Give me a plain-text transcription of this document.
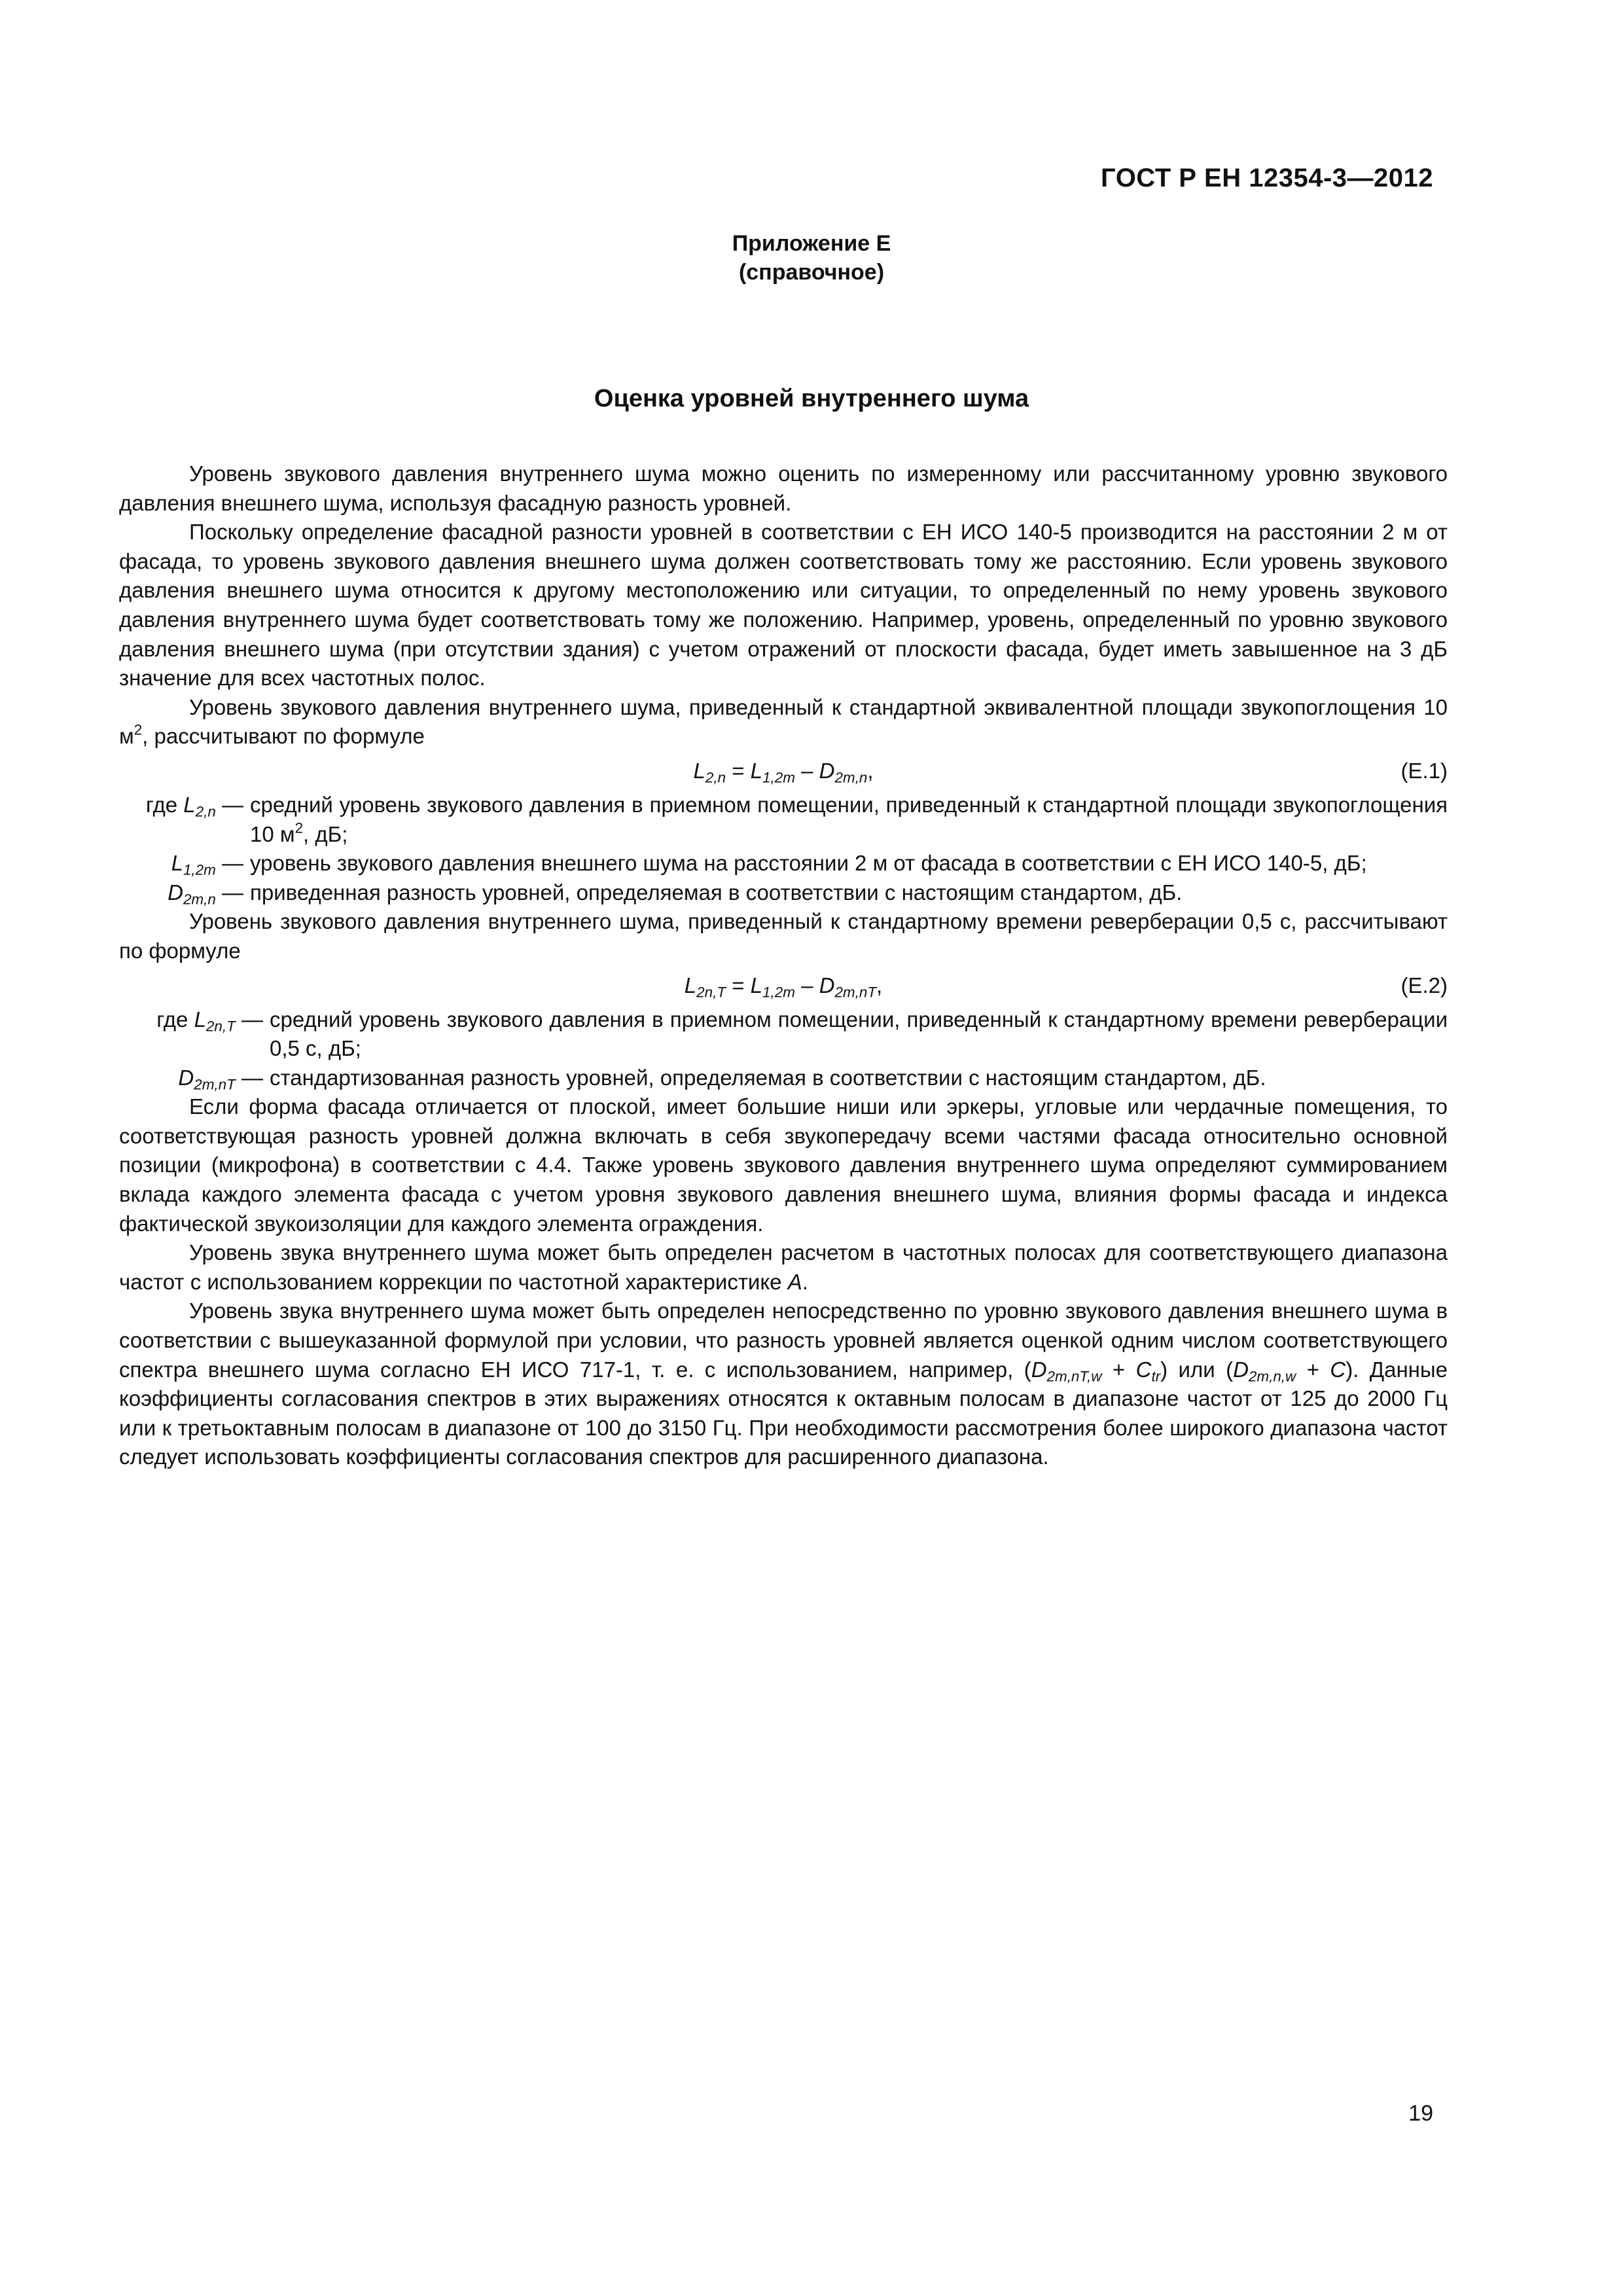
ГОСТ Р ЕН 12354-3—2012
Приложение Е
(справочное)
Оценка уровней внутреннего шума

Уровень звукового давления внутреннего шума можно оценить по измеренному или рассчитанному уровню звукового давления внешнего шума, используя фасадную разность уровней.

Поскольку определение фасадной разности уровней в соответствии с ЕН ИСО 140-5 производится на расстоянии 2 м от фасада, то уровень звукового давления внешнего шума должен соответствовать тому же расстоянию. Если уровень звукового давления внешнего шума относится к другому местоположению или ситуации, то определенный по нему уровень звукового давления внутреннего шума будет соответствовать тому же положению. Например, уровень, определенный по уровню звукового давления внешнего шума (при отсутствии здания) с учетом отражений от плоскости фасада, будет иметь завышенное на 3 дБ значение для всех частотных полос.

Уровень звукового давления внутреннего шума, приведенный к стандартной эквивалентной площади звукопоглощения 10 $м^2$, рассчитывают по формуле

$L_{2,n} = L_{1,2m} - D_{2m,n}$,	(Е.1)
где $L_{2,n}$ — средний уровень звукового давления в приемном помещении, приведенный к стандартной площади звукопоглощения 10 $м^2$, дБ;
$L_{1,2m}$ — уровень звукового давления внешнего шума на расстоянии 2 м от фасада в соответствии с ЕН ИСО 140-5, дБ;
$D_{2m,n}$ — приведенная разность уровней, определяемая в соответствии с настоящим стандартом, дБ.

Уровень звукового давления внутреннего шума, приведенный к стандартному времени реверберации 0,5 с, рассчитывают по формуле

$L_{2n,T} = L_{1,2m} - D_{2m,nT}$,	(Е.2)
где $L_{2n,T}$ — средний уровень звукового давления в приемном помещении, приведенный к стандартному времени реверберации 0,5 с, дБ;
$D_{2m,nT}$ — стандартизованная разность уровней, определяемая в соответствии с настоящим стандартом, дБ.

Если форма фасада отличается от плоской, имеет большие ниши или эркеры, угловые или чердачные помещения, то соответствующая разность уровней должна включать в себя звукопередачу всеми частями фасада относительно основной позиции (микрофона) в соответствии с 4.4. Также уровень звукового давления внутреннего шума определяют суммированием вклада каждого элемента фасада с учетом уровня звукового давления внешнего шума, влияния формы фасада и индекса фактической звукоизоляции для каждого элемента ограждения.

Уровень звука внутреннего шума может быть определен расчетом в частотных полосах для соответствующего диапазона частот с использованием коррекции по частотной характеристике A.

Уровень звука внутреннего шума может быть определен непосредственно по уровню звукового давления внешнего шума в соответствии с вышеуказанной формулой при условии, что разность уровней является оценкой одним числом соответствующего спектра внешнего шума согласно ЕН ИСО 717-1, т. е. с использованием, например, $(D_{2m,nT,w} + C_{tr})$ или $(D_{2m,n,w} + C)$. Данные коэффициенты согласования спектров в этих выражениях относятся к октавным полосам в диапазоне частот от 125 до 2000 Гц или к третьоктавным полосам в диапазоне от 100 до 3150 Гц. При необходимости рассмотрения более широкого диапазона частот следует использовать коэффициенты согласования спектров для расширенного диапазона.

19
